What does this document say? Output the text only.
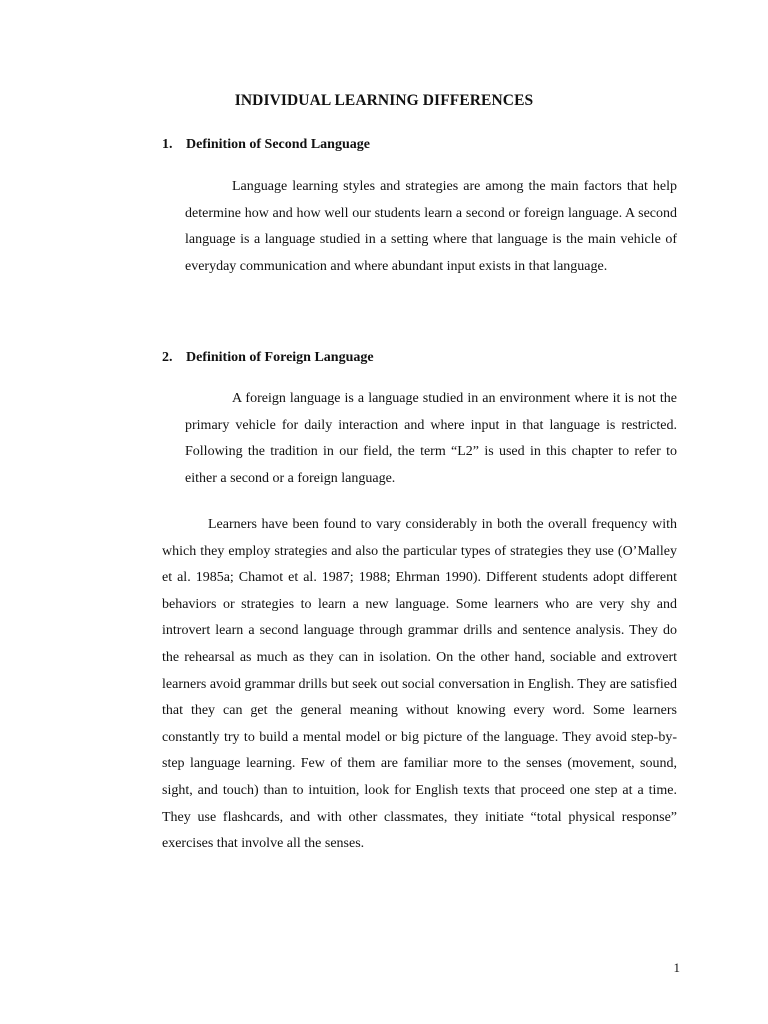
INDIVIDUAL LEARNING DIFFERENCES
1. Definition of Second Language

Language learning styles and strategies are among the main factors that help determine how and how well our students learn a second or foreign language. A second language is a language studied in a setting where that language is the main vehicle of everyday communication and where abundant input exists in that language.

2. Definition of Foreign Language

A foreign language is a language studied in an environment where it is not the primary vehicle for daily interaction and where input in that language is restricted. Following the tradition in our field, the term “L2” is used in this chapter to refer to either a second or a foreign language.

Learners have been found to vary considerably in both the overall frequency with which they employ strategies and also the particular types of strategies they use (O’Malley et al. 1985a; Chamot et al. 1987; 1988; Ehrman 1990). Different students adopt different behaviors or strategies to learn a new language. Some learners who are very shy and introvert learn a second language through grammar drills and sentence analysis. They do the rehearsal as much as they can in isolation. On the other hand, sociable and extrovert learners avoid grammar drills but seek out social conversation in English. They are satisfied that they can get the general meaning without knowing every word. Some learners constantly try to build a mental model or big picture of the language. They avoid step-by-step language learning. Few of them are familiar more to the senses (movement, sound, sight, and touch) than to intuition, look for English texts that proceed one step at a time. They use flashcards, and with other classmates, they initiate “total physical response” exercises that involve all the senses.

1
